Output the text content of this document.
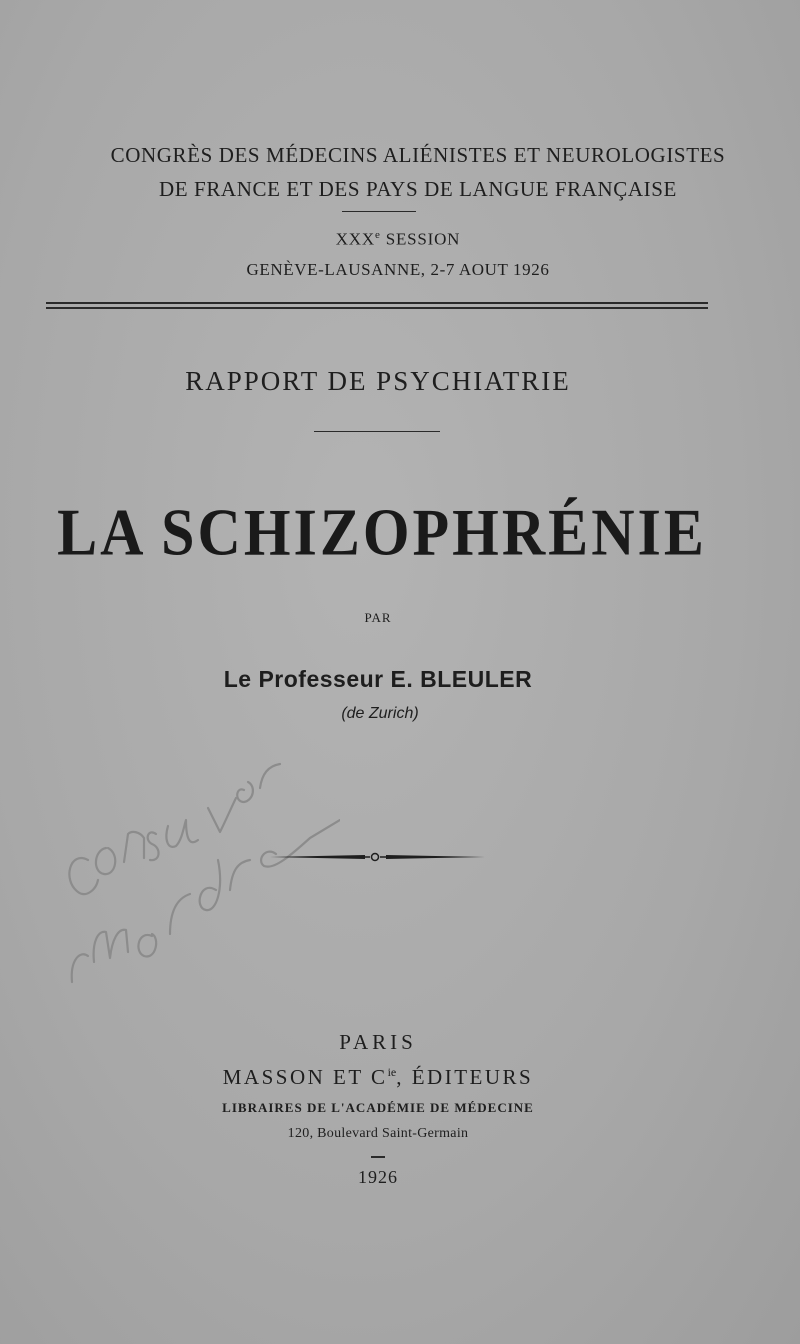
CONGRÈS DES MÉDECINS ALIÉNISTES ET NEUROLOGISTES
DE FRANCE ET DES PAYS DE LANGUE FRANÇAISE
XXXe SESSION
GENÈVE-LAUSANNE, 2-7 AOUT 1926
RAPPORT DE PSYCHIATRIE
LA SCHIZOPHRÉNIE
PAR
Le Professeur E. BLEULER
(de Zurich)
PARIS
MASSON ET $C^{ie}$, ÉDITEURS
LIBRAIRES DE L'ACADÉMIE DE MÉDECINE
120, Boulevard Saint-Germain
1926
